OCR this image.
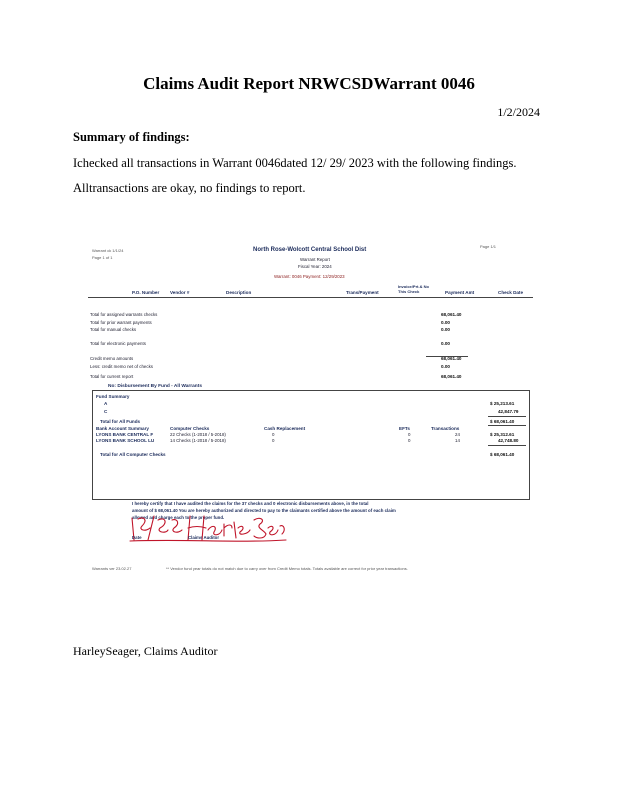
Claims Audit Report NRWCSDWarrant 0046
1/2/2024
Summary of findings:
Ichecked all transactions in Warrant 0046dated 12/ 29/ 2023 with the following findings.
Alltransactions are okay, no findings to report.
Warrant ck 1/1/24
Page 1 of 1
Page 1/1
North Rose-Wolcott Central School Dist
Warrant Report
Fiscal Year: 2024
Warrant: 0046 Payment: 12/29/2023
P.O. Number Vendor #	Description	Trans/Payment
Invoice/Prt.& No This Check	Payment Amt	Check Date
Total for assigned warrants checks	68,061.40
Total for prior warrant payments	0.00
Total for manual checks	0.00
Total for electronic payments	0.00
Credit memo amounts	68,061.40
Less: credit memo net of checks	0.00
Total for current report	68,061.40
No: Disbursement By Fund - All Warrants
Fund Summary
A	$ 25,213.61
C	42,847.79
Total for All Funds	$ 68,061.40
Bank Account Summary	Computer Checks	Cash Replacement	EFTs	Transactions
LYONS BANK CENTRAL F	22 Checks (1-2018 / 5-2018)	0	0	24	$ 25,312.61
LYONS BANK SCHOOL LU	14 Checks (1-2018 / 5-2018)	0	0	14	42,748.80
Total for All Computer Checks	$ 68,061.40
I hereby certify that I have audited the claims for the 37 checks and 0 electronic disbursements above, in the total
amount of $ 68,061.40 You are hereby authorized and directed to pay to the claimants certified above the amount of each claim
allowed and charge each to the proper fund.
Date	Claims Auditor
Warrants ver 23.02.27	** Vendor fund year totals do not match due to carry over from Credit Memo totals. Totals available are correct for prior year transactions.
HarleySeager, Claims Auditor
